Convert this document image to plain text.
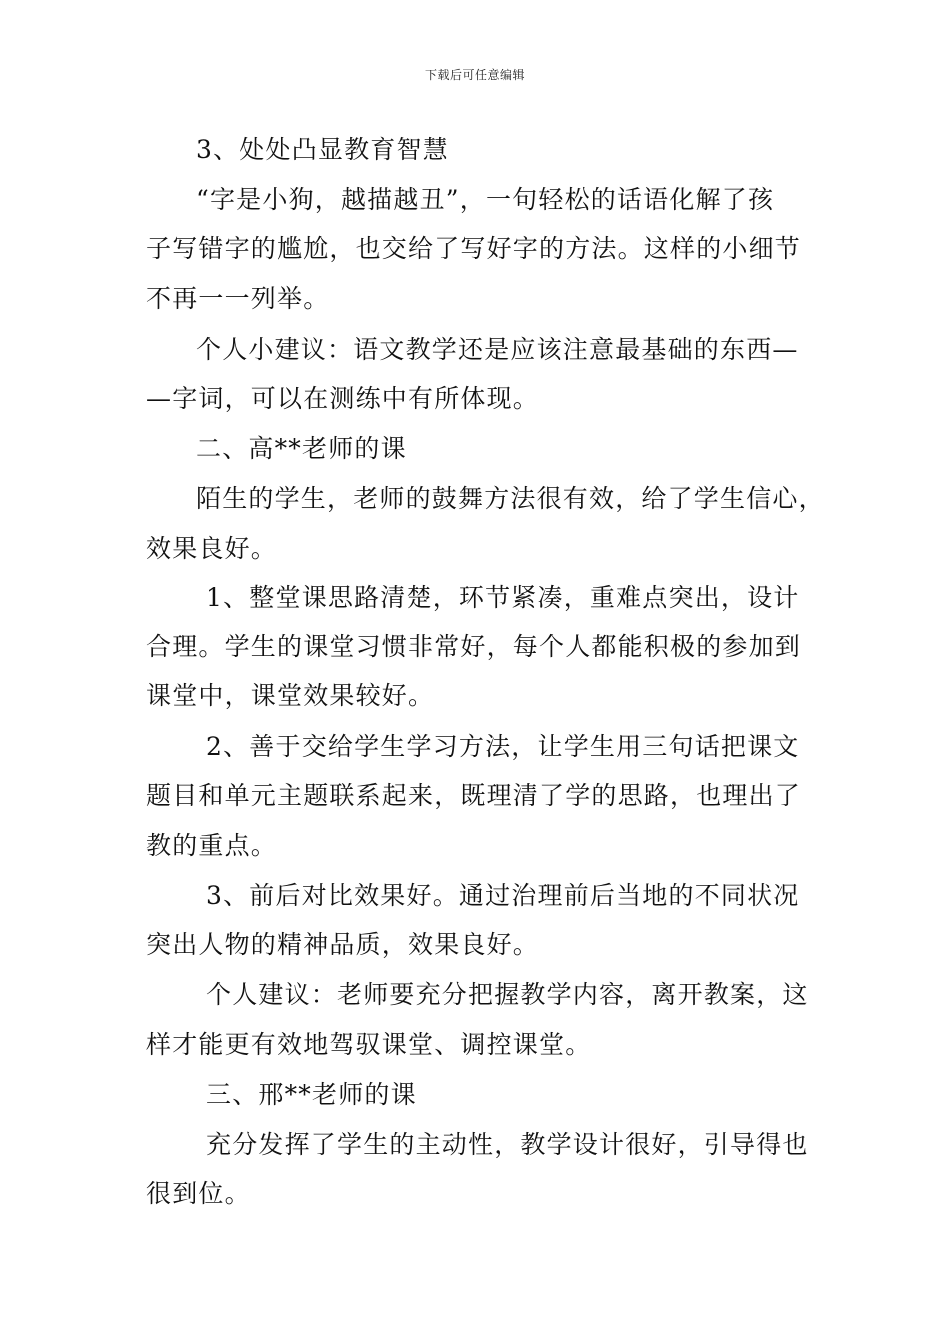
下载后可任意编辑
3、处处凸显教育智慧
“字是小狗，越描越丑”，一句轻松的话语化解了孩
子写错字的尴尬，也交给了写好字的方法。这样的小细节
不再一一列举。
个人小建议：语文教学还是应该注意最基础的东西—
—字词，可以在测练中有所体现。
二、高**老师的课
陌生的学生，老师的鼓舞方法很有效，给了学生信心，
效果良好。
1、整堂课思路清楚，环节紧凑，重难点突出，设计
合理。学生的课堂习惯非常好，每个人都能积极的参加到
课堂中，课堂效果较好。
2、善于交给学生学习方法，让学生用三句话把课文
题目和单元主题联系起来，既理清了学的思路，也理出了
教的重点。
3、前后对比效果好。通过治理前后当地的不同状况
突出人物的精神品质，效果良好。
个人建议：老师要充分把握教学内容，离开教案，这
样才能更有效地驾驭课堂、调控课堂。
三、邢**老师的课
充分发挥了学生的主动性，教学设计很好，引导得也
很到位。
